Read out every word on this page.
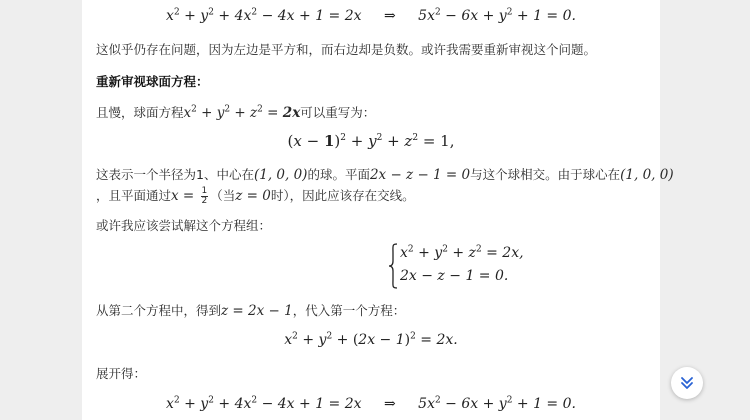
$x^2 + y^2 + 4x^2 - 4x + 1 = 2x$ ⇒ $5x^2 - 6x + y^2 + 1 = 0$.
这似乎仍存在问题，因为左边是平方和，而右边却是负数。或许我需要重新审视这个问题。
重新审视球面方程：
且慢，球面方程$x^2 + y^2 + z^2 = 2x$可以重写为：
$(x - 1)^2 + y^2 + z^2 = 1$,
这表示一个半径为1、中心在(1, 0, 0)的球。平面2x − z − 1 = 0与这个球相交。由于球心在(1, 0, 0)
，且平面通过$x = \frac{1}{2}$ （当z = 0时），因此应该存在交线。
或许我应该尝试解这个方程组：
$x^2 + y^2 + z^2 = 2x$,
2x − z − 1 = 0.
从第二个方程中，得到z = 2x − 1，代入第一个方程：
$x^2 + y^2 + (2x - 1)^2 = 2x$.
展开得：
$x^2 + y^2 + 4x^2 - 4x + 1 = 2x$ ⇒ $5x^2 - 6x + y^2 + 1 = 0$.
